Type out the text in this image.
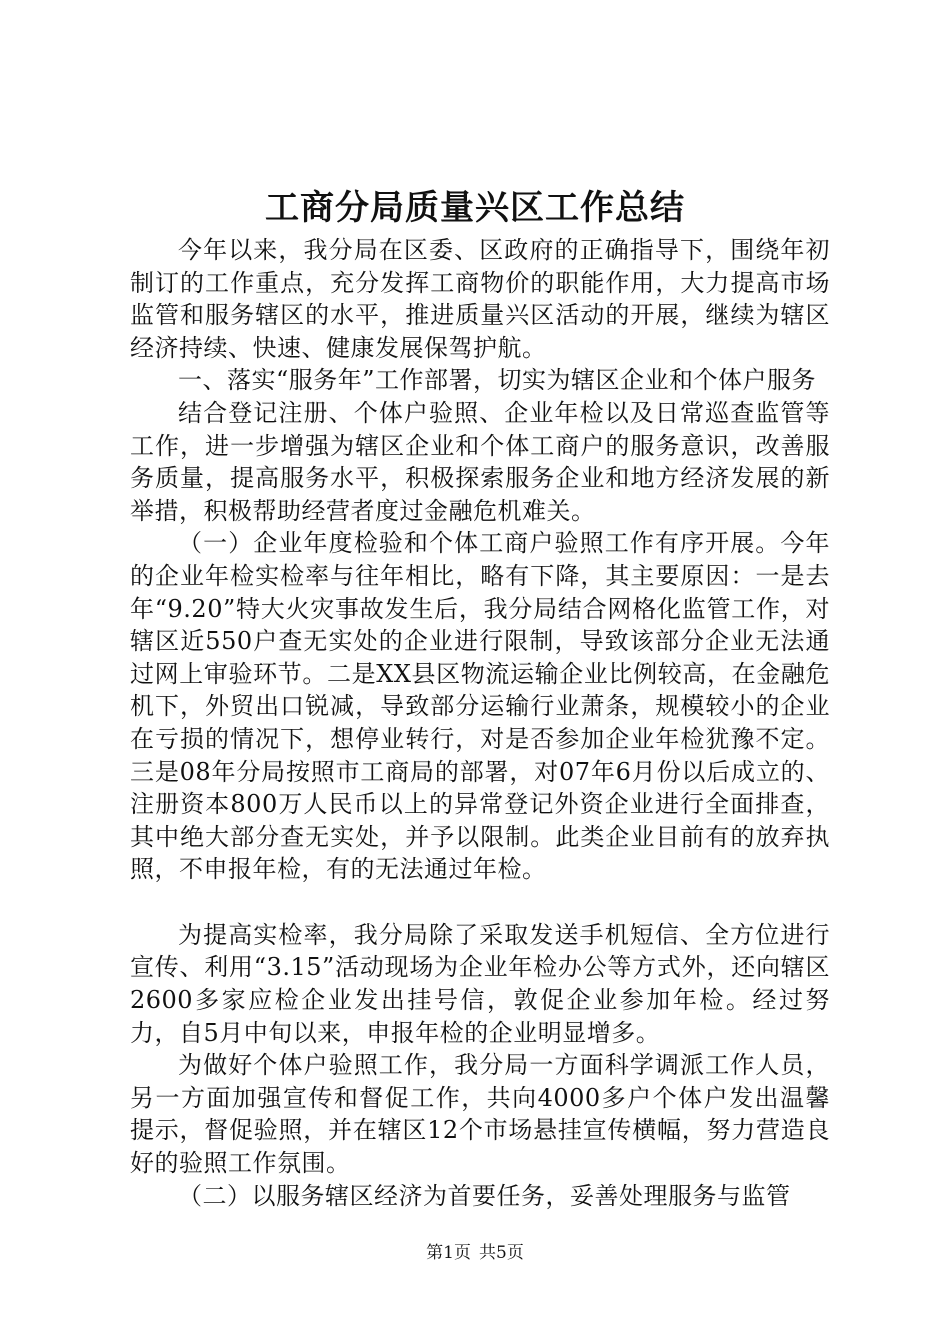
工商分局质量兴区工作总结

今年以来，我分局在区委、区政府的正确指导下，围绕年初制订的工作重点，充分发挥工商物价的职能作用，大力提高市场监管和服务辖区的水平，推进质量兴区活动的开展，继续为辖区经济持续、快速、健康发展保驾护航。

一、落实“服务年”工作部署，切实为辖区企业和个体户服务

结合登记注册、个体户验照、企业年检以及日常巡查监管等工作，进一步增强为辖区企业和个体工商户的服务意识，改善服务质量，提高服务水平，积极探索服务企业和地方经济发展的新举措，积极帮助经营者度过金融危机难关。

（一）企业年度检验和个体工商户验照工作有序开展。今年的企业年检实检率与往年相比，略有下降，其主要原因：一是去年“9.20”特大火灾事故发生后，我分局结合网格化监管工作，对辖区近550户查无实处的企业进行限制，导致该部分企业无法通过网上审验环节。二是XX县区物流运输企业比例较高，在金融危机下，外贸出口锐减，导致部分运输行业萧条，规模较小的企业在亏损的情况下，想停业转行，对是否参加企业年检犹豫不定。三是08年分局按照市工商局的部署，对07年6月份以后成立的、注册资本800万人民币以上的异常登记外资企业进行全面排查，其中绝大部分查无实处，并予以限制。此类企业目前有的放弃执照，不申报年检，有的无法通过年检。

为提高实检率，我分局除了采取发送手机短信、全方位进行宣传、利用“3.15”活动现场为企业年检办公等方式外，还向辖区2600多家应检企业发出挂号信，敦促企业参加年检。经过努力，自5月中旬以来，申报年检的企业明显增多。

为做好个体户验照工作，我分局一方面科学调派工作人员，另一方面加强宣传和督促工作，共向4000多户个体户发出温馨提示，督促验照，并在辖区12个市场悬挂宣传横幅，努力营造良好的验照工作氛围。

（二）以服务辖区经济为首要任务，妥善处理服务与监管

第1页 共5页
